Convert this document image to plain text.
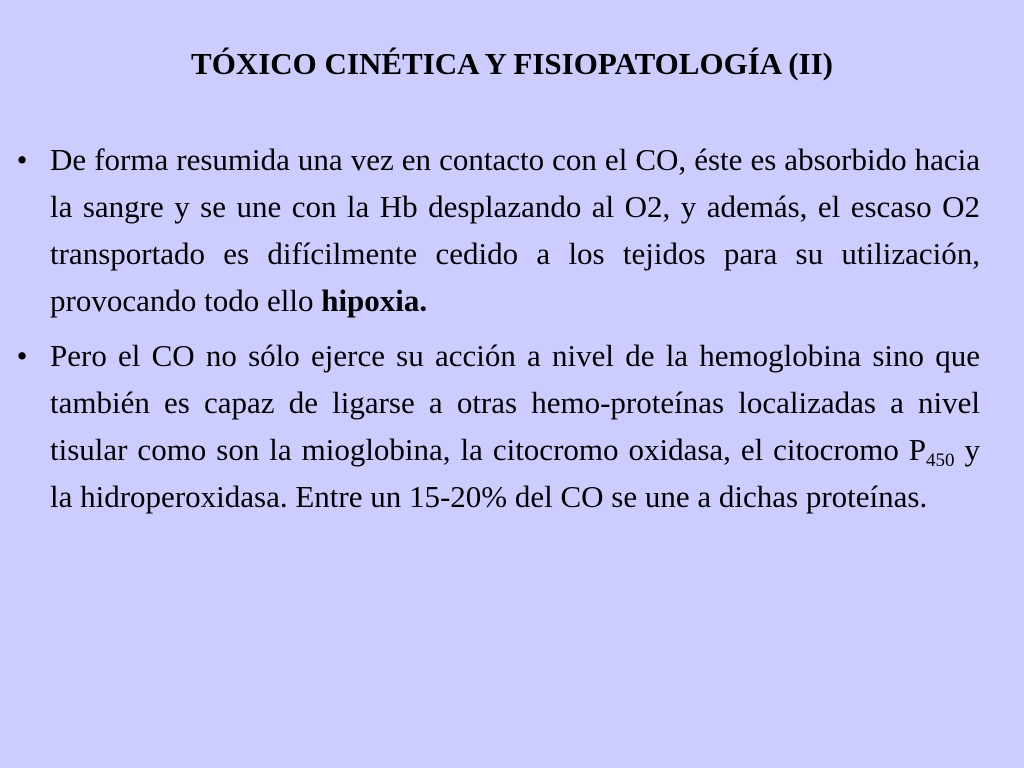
TÓXICO CINÉTICA Y FISIOPATOLOGÍA (II)
• De forma resumida una vez en contacto con el CO, éste es absorbido hacia la sangre y se une con la Hb desplazando al O2, y además, el escaso O2 transportado es difícilmente cedido a los tejidos para su utilización, provocando todo ello hipoxia.
• Pero el CO no sólo ejerce su acción a nivel de la hemoglobina sino que también es capaz de ligarse a otras hemo-proteínas localizadas a nivel tisular como son la mioglobina, la citocromo oxidasa, el citocromo $P_{450}$ y la hidroperoxidasa. Entre un 15-20% del CO se une a dichas proteínas.
